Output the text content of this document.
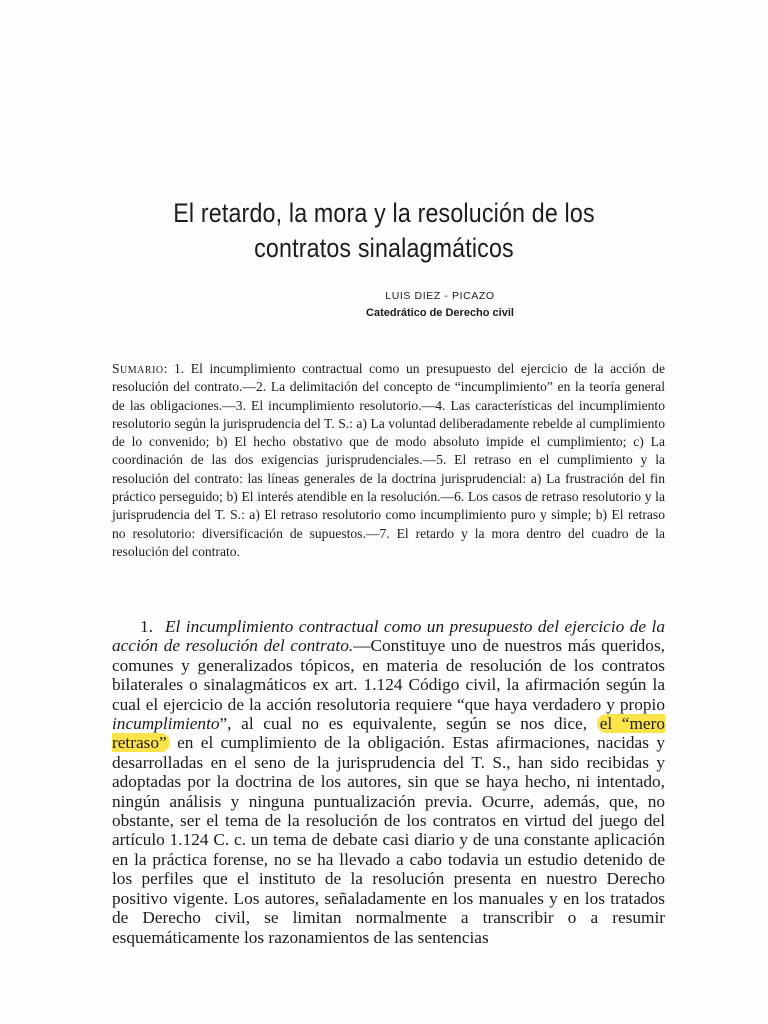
El retardo, la mora y la resolución de los
contratos sinalagmáticos
LUIS DIEZ - PICAZO
Catedrático de Derecho civil
Sumario: 1. El incumplimiento contractual como un presupuesto del ejercicio de la acción de resolución del contrato.—2. La delimitación del concepto de “incumplimiento” en la teoría general de las obligaciones.—3. El incumplimiento resolutorio.—4. Las características del incumplimiento resolutorio según la jurisprudencia del T. S.: a) La voluntad deliberadamente rebelde al cumplimiento de lo convenido; b) El hecho obstativo que de modo absoluto impide el cumplimiento; c) La coordinación de las dos exigencias jurisprudenciales.—5. El retraso en el cumplimiento y la resolución del contrato: las líneas generales de la doctrina jurisprudencial: a) La frustración del fin práctico perseguido; b) El interés atendible en la resolución.—6. Los casos de retraso resolutorio y la jurisprudencia del T. S.: a) El retraso resolutorio como incumplimiento puro y simple; b) El retraso no resolutorio: diversificación de supuestos.—7. El retardo y la mora dentro del cuadro de la resolución del contrato.
1. El incumplimiento contractual como un presupuesto del ejercicio de la acción de resolución del contrato.—Constituye uno de nuestros más queridos, comunes y generalizados tópicos, en materia de resolución de los contratos bilaterales o sinalagmáticos ex art. 1.124 Código civil, la afirmación según la cual el ejercicio de la acción resolutoria requiere “que haya verdadero y propio incumplimiento”, al cual no es equivalente, según se nos dice, el “mero retraso” en el cumplimiento de la obligación. Estas afirmaciones, nacidas y desarrolladas en el seno de la jurisprudencia del T. S., han sido recibidas y adoptadas por la doctrina de los autores, sin que se haya hecho, ni intentado, ningún análisis y ninguna puntualización previa. Ocurre, además, que, no obstante, ser el tema de la resolución de los contratos en virtud del juego del artículo 1.124 C. c. un tema de debate casi diario y de una constante aplicación en la práctica forense, no se ha llevado a cabo todavia un estudio detenido de los perfiles que el instituto de la resolución presenta en nuestro Derecho positivo vigente. Los autores, señaladamente en los manuales y en los tratados de Derecho civil, se limitan normalmente a transcribir o a resumir esquemáticamente los razonamientos de las sentencias
